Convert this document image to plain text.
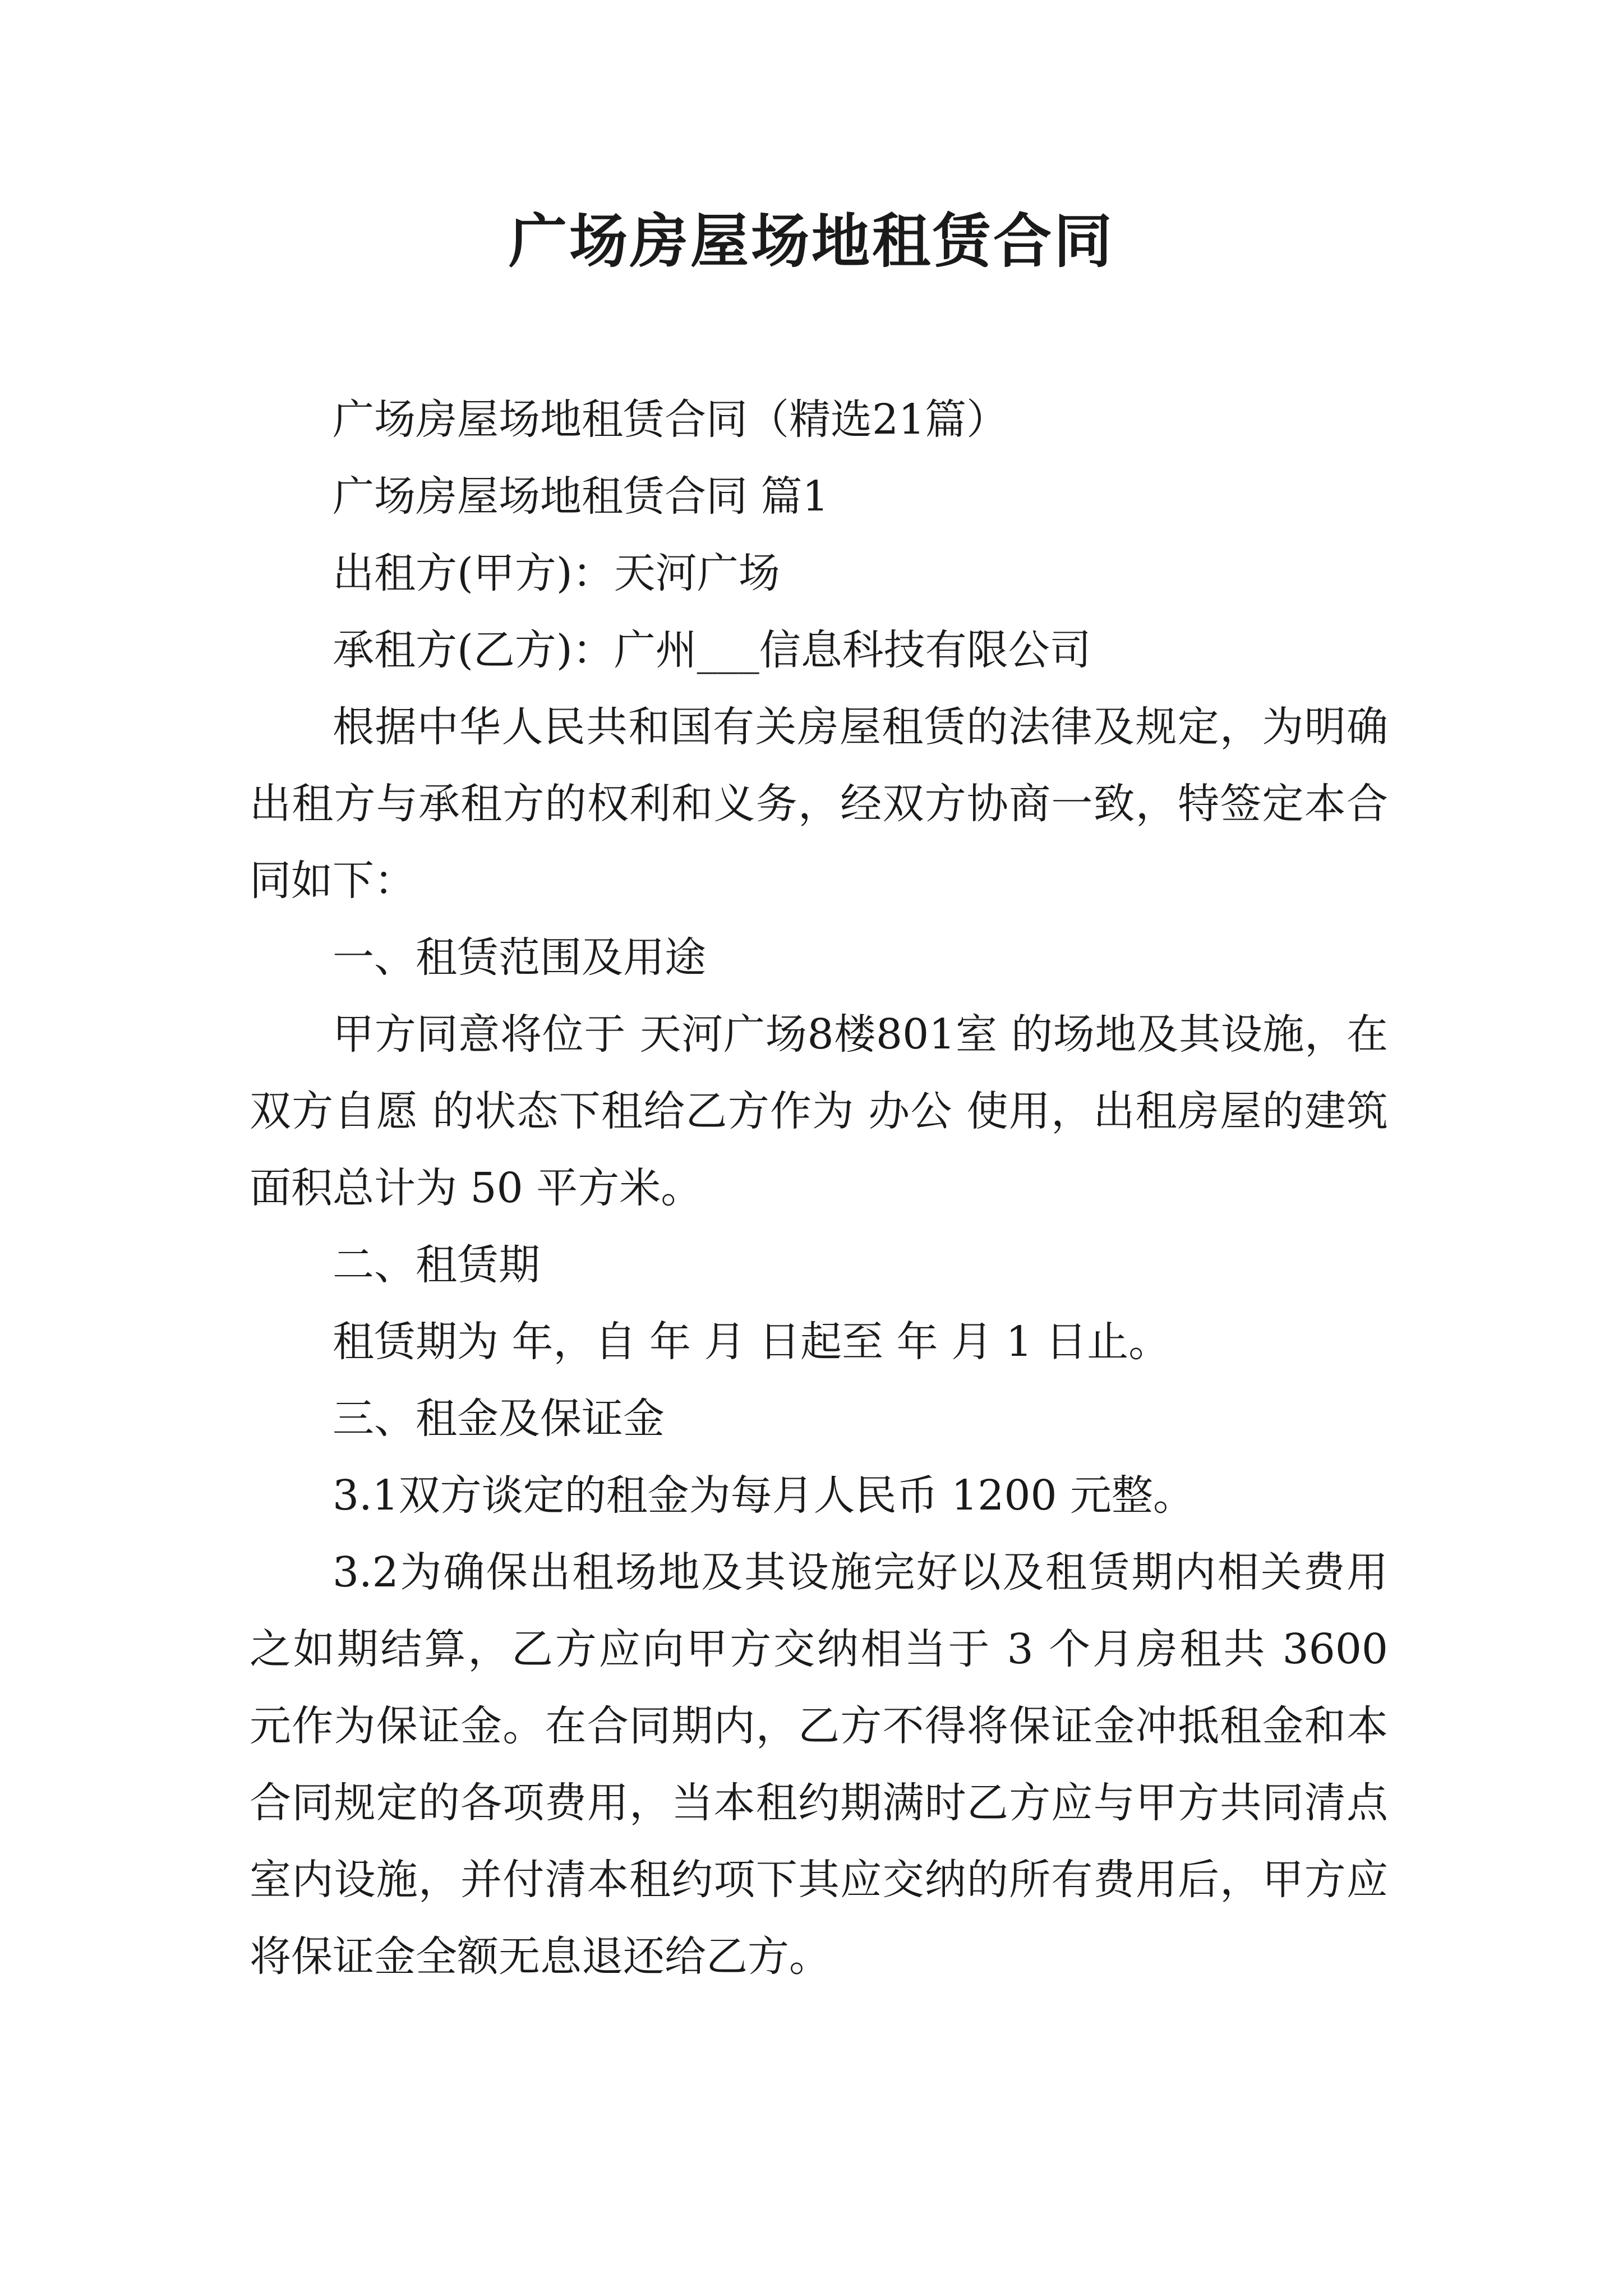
广场房屋场地租赁合同

广场房屋场地租赁合同（精选21篇）

广场房屋场地租赁合同 篇1

出租方(甲方)：天河广场

承租方(乙方)：广州___信息科技有限公司

根据中华人民共和国有关房屋租赁的法律及规定，为明确出租方与承租方的权利和义务，经双方协商一致，特签定本合同如下：

一、租赁范围及用途

甲方同意将位于 天河广场8楼801室 的场地及其设施，在 双方自愿 的状态下租给乙方作为 办公 使用，出租房屋的建筑面积总计为 50 平方米。

二、租赁期

租赁期为 年，自 年 月 日起至 年 月 1 日止。

三、租金及保证金

3.1双方谈定的租金为每月人民币 1200 元整。

3.2为确保出租场地及其设施完好以及租赁期内相关费用之如期结算，乙方应向甲方交纳相当于 3 个月房租共 3600 元作为保证金。在合同期内，乙方不得将保证金冲抵租金和本合同规定的各项费用，当本租约期满时乙方应与甲方共同清点室内设施，并付清本租约项下其应交纳的所有费用后，甲方应将保证金全额无息退还给乙方。
